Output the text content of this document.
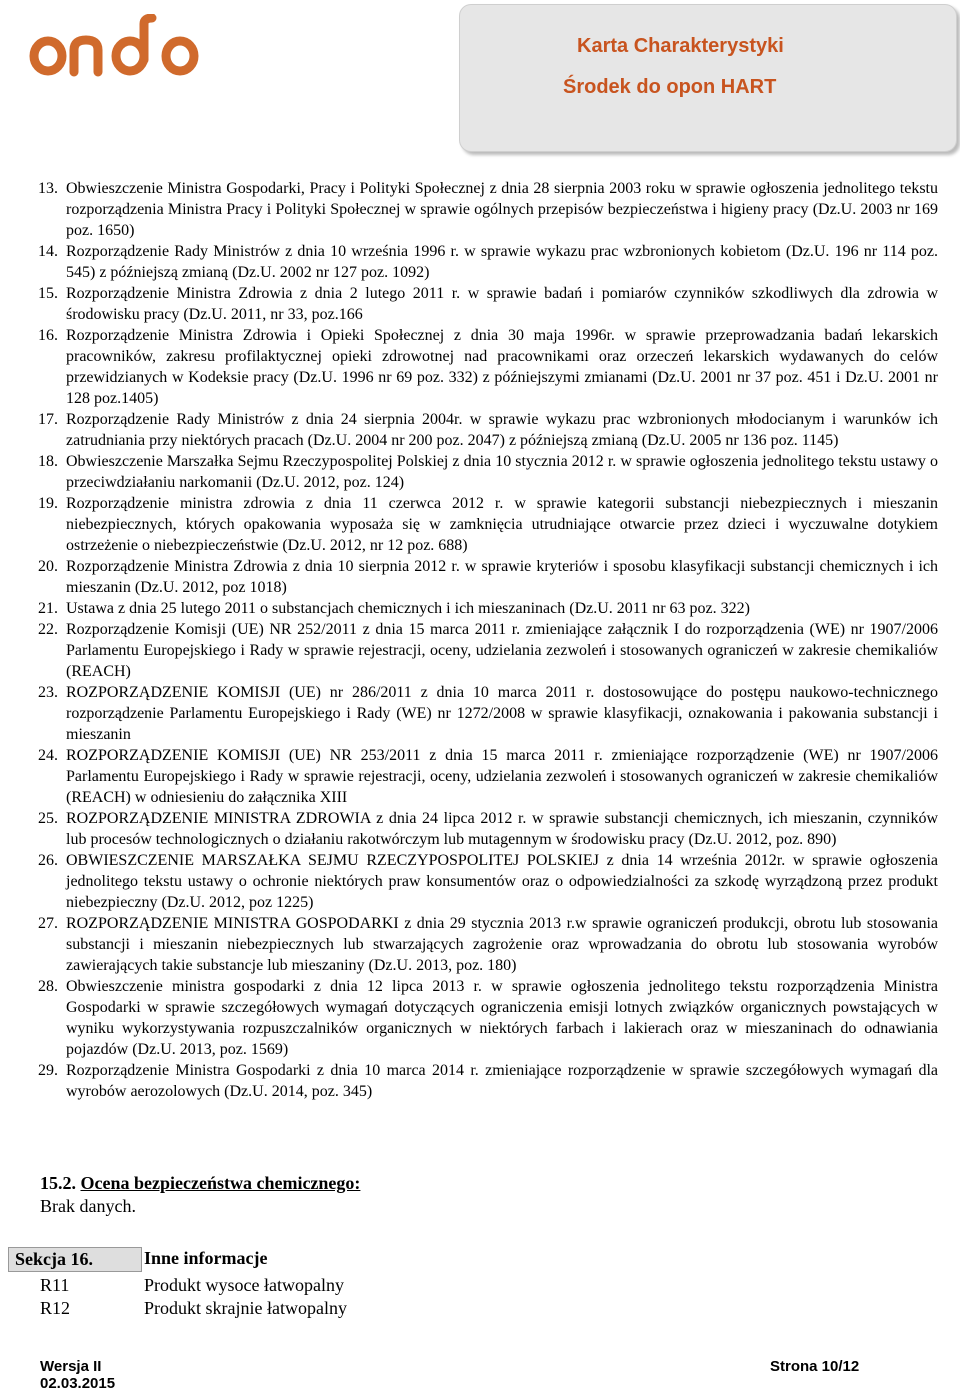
Karta Charakterystyki
Środek do opon HART
13. Obwieszczenie Ministra Gospodarki, Pracy i Polityki Społecznej z dnia 28 sierpnia 2003 roku w sprawie ogłoszenia jednolitego tekstu rozporządzenia Ministra Pracy i Polityki Społecznej w sprawie ogólnych przepisów bezpieczeństwa i higieny pracy (Dz.U. 2003 nr 169 poz. 1650)
14. Rozporządzenie Rady Ministrów z dnia 10 września 1996 r. w sprawie wykazu prac wzbronionych kobietom (Dz.U. 196 nr 114 poz. 545) z późniejszą zmianą (Dz.U. 2002 nr 127 poz. 1092)
15. Rozporządzenie Ministra Zdrowia z dnia 2 lutego 2011 r. w sprawie badań i pomiarów czynników szkodliwych dla zdrowia w środowisku pracy (Dz.U. 2011, nr 33, poz.166
16. Rozporządzenie Ministra Zdrowia i Opieki Społecznej z dnia 30 maja 1996r. w sprawie przeprowadzania badań lekarskich pracowników, zakresu profilaktycznej opieki zdrowotnej nad pracownikami oraz orzeczeń lekarskich wydawanych do celów przewidzianych w Kodeksie pracy (Dz.U. 1996 nr 69 poz. 332) z późniejszymi zmianami (Dz.U. 2001 nr 37 poz. 451 i Dz.U. 2001 nr 128 poz.1405)
17. Rozporządzenie Rady Ministrów z dnia 24 sierpnia 2004r. w sprawie wykazu prac wzbronionych młodocianym i warunków ich zatrudniania przy niektórych pracach (Dz.U. 2004 nr 200 poz. 2047) z późniejszą zmianą (Dz.U. 2005 nr 136 poz. 1145)
18. Obwieszczenie Marszałka Sejmu Rzeczypospolitej Polskiej z dnia 10 stycznia 2012 r. w sprawie ogłoszenia jednolitego tekstu ustawy o przeciwdziałaniu narkomanii (Dz.U. 2012, poz. 124)
19. Rozporządzenie ministra zdrowia z dnia 11 czerwca 2012 r. w sprawie kategorii substancji niebezpiecznych i mieszanin niebezpiecznych, których opakowania wyposaża się w zamknięcia utrudniające otwarcie przez dzieci i wyczuwalne dotykiem ostrzeżenie o niebezpieczeństwie (Dz.U. 2012, nr 12 poz. 688)
20. Rozporządzenie Ministra Zdrowia z dnia 10 sierpnia 2012 r. w sprawie kryteriów i sposobu klasyfikacji substancji chemicznych i ich mieszanin (Dz.U. 2012, poz 1018)
21. Ustawa z dnia 25 lutego 2011 o substancjach chemicznych i ich mieszaninach (Dz.U. 2011 nr 63 poz. 322)
22. Rozporządzenie Komisji (UE) NR 252/2011 z dnia 15 marca 2011 r. zmieniające załącznik I do rozporządzenia (WE) nr 1907/2006 Parlamentu Europejskiego i Rady w sprawie rejestracji, oceny, udzielania zezwoleń i stosowanych ograniczeń w zakresie chemikaliów (REACH)
23. ROZPORZĄDZENIE KOMISJI (UE) nr 286/2011 z dnia 10 marca 2011 r. dostosowujące do postępu naukowo-technicznego rozporządzenie Parlamentu Europejskiego i Rady (WE) nr 1272/2008 w sprawie klasyfikacji, oznakowania i pakowania substancji i mieszanin
24. ROZPORZĄDZENIE KOMISJI (UE) NR 253/2011 z dnia 15 marca 2011 r. zmieniające rozporządzenie (WE) nr 1907/2006 Parlamentu Europejskiego i Rady w sprawie rejestracji, oceny, udzielania zezwoleń i stosowanych ograniczeń w zakresie chemikaliów (REACH) w odniesieniu do załącznika XIII
25. ROZPORZĄDZENIE MINISTRA ZDROWIA z dnia 24 lipca 2012 r. w sprawie substancji chemicznych, ich mieszanin, czynników lub procesów technologicznych o działaniu rakotwórczym lub mutagennym w środowisku pracy (Dz.U. 2012, poz. 890)
26. OBWIESZCZENIE MARSZAŁKA SEJMU RZECZYPOSPOLITEJ POLSKIEJ z dnia 14 września 2012r. w sprawie ogłoszenia jednolitego tekstu ustawy o ochronie niektórych praw konsumentów oraz o odpowiedzialności za szkodę wyrządzoną przez produkt niebezpieczny (Dz.U. 2012, poz 1225)
27. ROZPORZĄDZENIE MINISTRA GOSPODARKI z dnia 29 stycznia 2013 r.w sprawie ograniczeń produkcji, obrotu lub stosowania substancji i mieszanin niebezpiecznych lub stwarzających zagrożenie oraz wprowadzania do obrotu lub stosowania wyrobów zawierających takie substancje lub mieszaniny (Dz.U. 2013, poz. 180)
28. Obwieszczenie ministra gospodarki z dnia 12 lipca 2013 r. w sprawie ogłoszenia jednolitego tekstu rozporządzenia Ministra Gospodarki w sprawie szczegółowych wymagań dotyczących ograniczenia emisji lotnych związków organicznych powstających w wyniku wykorzystywania rozpuszczalników organicznych w niektórych farbach i lakierach oraz w mieszaninach do odnawiania pojazdów (Dz.U. 2013, poz. 1569)
29. Rozporządzenie Ministra Gospodarki z dnia 10 marca 2014 r. zmieniające rozporządzenie w sprawie szczegółowych wymagań dla wyrobów aerozolowych (Dz.U. 2014, poz. 345)
15.2. Ocena bezpieczeństwa chemicznego:
Brak danych.
Sekcja 16.	Inne informacje
R11	Produkt wysoce łatwopalny
R12	Produkt skrajnie łatwopalny
Wersja II
02.03.2015
Strona 10/12
